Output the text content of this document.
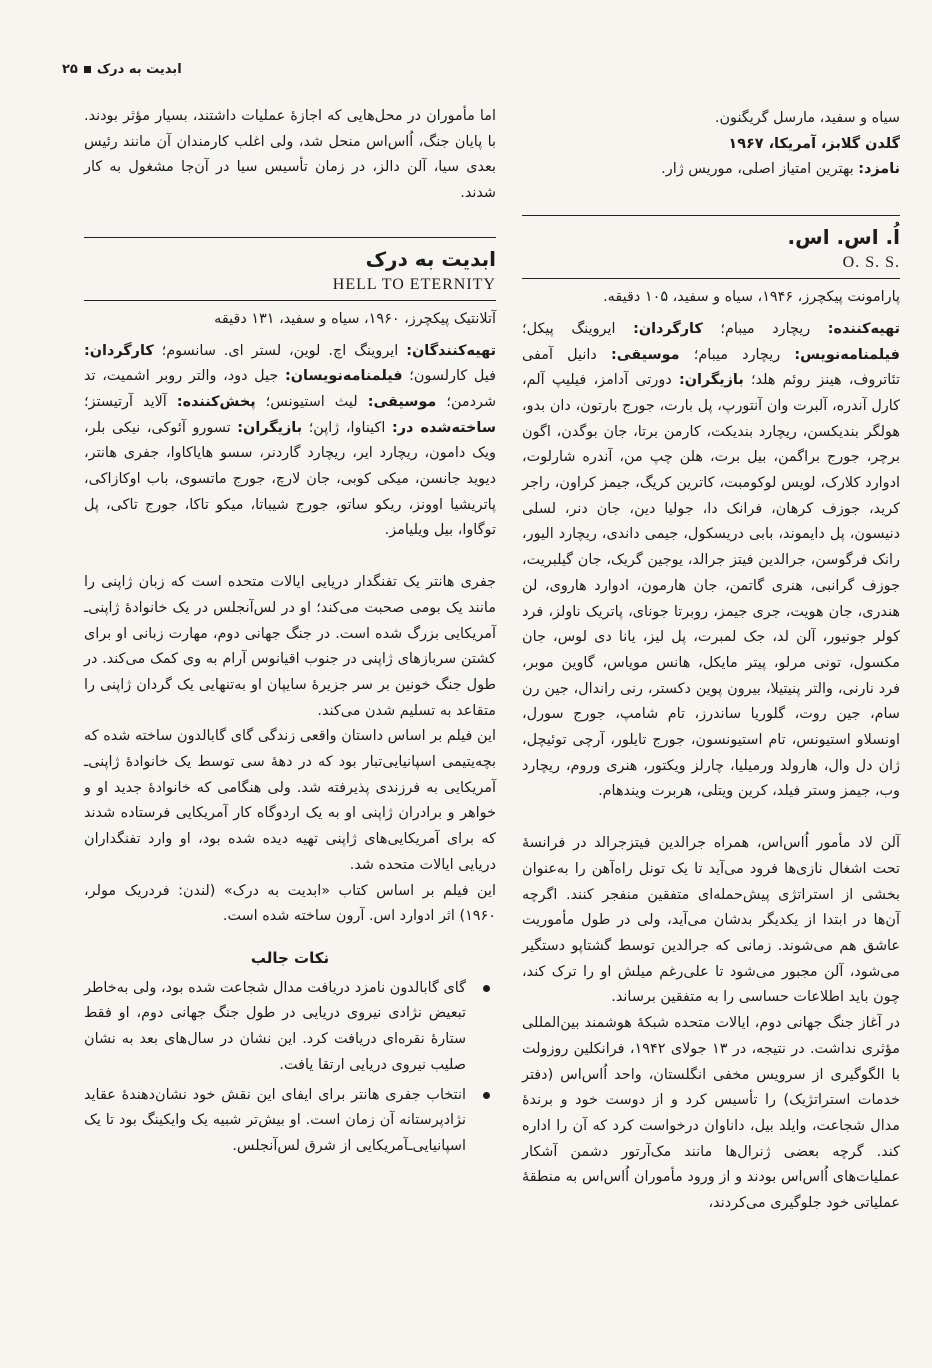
ابدیت به درک۲۵

سیاه و سفید، مارسل گریگنون.

گلدن گلابز، آمریکا، ۱۹۶۷

نامزد: بهترین امتیاز اصلی، موریس ژار.

اُ. اس. اس.
O. S. S.

پارامونت پیکچرز، ۱۹۴۶، سیاه و سفید، ۱۰۵ دقیقه.

تهیه‌کننده: ریچارد میبام؛ کارگردان: ایروینگ پیکل؛ فیلمنامه‌نویس: ریچارد میبام؛ موسیقی: دانیل آمفی تئاتروف، هینز روئم هلد؛ بازیگران: دورتی آدامز، فیلیپ آلم، کارل آندره، آلبرت وان آنتورپ، پل بارت، جورج بارتون، دان بدو، هولگر بندیکسن، ریچارد بندیکت، کارمن برتا، جان بوگدن، اگون برچر، جورج براگمن، بیل برت، هلن چپ من، آندره شارلوت، ادوارد کلارک، لویس لوکومبت، کاترین کریگ، جیمز کراون، راجر کرید، جوزف کرهان، فرانک دا، جولیا دین، جان دنر، لسلی دنیسون، پل دایموند، بابی دریسکول، جیمی داندی، ریچارد الیور، رانک فرگوسن، جرالدین فیتز جرالد، یوجین گریک، جان گیلبریت، جوزف گرانبی، هنری گاتمن، جان هارمون، ادوارد هاروی، لن هندری، جان هویت، جری جیمز، روبرتا جونای، پاتریک ناولز، فرد کولر جونیور، آلن لد، جک لمبرت، پل لیز، یانا دی لوس، جان مکسول، تونی مرلو، پیتر مایکل، هانس مویاس، گاوین موبر، فرد نارنی، والتر پنیتیلا، بیرون پوین دکستر، رنی راندال، جین رن سام، جین روت، گلوریا ساندرز، تام شامپ، جورج سورل، اونسلاو استیونس، تام استیونسون، جورج تایلور، آرچی توئیچل، ژان دل وال، هارولد ورمیلیا، چارلز ویکتور، هنری وروم، ریچارد وب، جیمز وستر فیلد، کرین ویتلی، هربرت ویندهام.

آلن لاد مأمور اُاس‌اس، همراه جرالدین فیتزجرالد در فرانسهٔ تحت اشغال نازی‌ها فرود می‌آید تا یک تونل راه‌آهن را به‌عنوان بخشی از استراتژی پیش‌حمله‌ای متفقین منفجر کنند. اگرچه آن‌ها در ابتدا از یکدیگر بدشان می‌آید، ولی در طول مأموریت عاشق هم می‌شوند. زمانی که جرالدین توسط گشتاپو دستگیر می‌شود، آلن مجبور می‌شود تا علی‌رغم میلش او را ترک کند، چون باید اطلاعات حساسی را به متفقین برساند.

در آغاز جنگ جهانی دوم، ایالات متحده شبکهٔ هوشمند بین‌المللی مؤثری نداشت. در نتیجه، در ۱۳ جولای ۱۹۴۲، فرانکلین روزولت با الگوگیری از سرویس مخفی انگلستان، واحد اُاس‌اس (دفتر خدمات استراتژیک) را تأسیس کرد و از دوست خود و برندهٔ مدال شجاعت، وایلد بیل، داناوان درخواست کرد که آن را اداره کند. گرچه بعضی ژنرال‌ها مانند مک‌آرتور دشمن آشکار عملیات‌های اُاس‌اس بودند و از ورود مأموران اُاس‌اس به منطقهٔ عملیاتی خود جلوگیری می‌کردند،

اما مأموران در محل‌هایی که اجازهٔ عملیات داشتند، بسیار مؤثر بودند. با پایان جنگ، اُاس‌اس منحل شد، ولی اغلب کارمندان آن مانند رئیس بعدی سیا، آلن دالز، در زمان تأسیس سیا در آن‌جا مشغول به کار شدند.

ابدیت به درک
HELL TO ETERNITY

آتلانتیک پیکچرز، ۱۹۶۰، سیاه و سفید، ۱۳۱ دقیقه

تهیه‌کنندگان: ایروینگ اچ. لوین، لستر ای. سانسوم؛ کارگردان: فیل کارلسون؛ فیلمنامه‌نویسان: جیل دود، والتر روبر اشمیت، تد شردمن؛ موسیقی: لیث استیونس؛ پخش‌کننده: آلاید آرتیستز؛ ساخته‌شده در: اکیناوا، ژاپن؛ بازیگران: تسورو آئوکی، نیکی بلر، ویک دامون، ریچارد ایر، ریچارد گاردنر، سسو هایاکاوا، جفری هانتر، دیوید جانسن، میکی کوبی، جان لارچ، جورج ماتسوی، باب اوکازاکی، پاتریشیا اوونز، ریکو ساتو، جورج شیباتا، میکو تاکا، جورج تاکی، پل توگاوا، بیل ویلیامز.

جفری هانتر یک تفنگدار دریایی ایالات متحده است که زبان ژاپنی را مانند یک بومی صحبت می‌کند؛ او در لس‌آنجلس در یک خانوادهٔ ژاپنی‌ـ آمریکایی بزرگ شده است. در جنگ جهانی دوم، مهارت زبانی او برای کشتن سربازهای ژاپنی در جنوب اقیانوس آرام به وی کمک می‌کند. در طول جنگ خونین بر سر جزیرهٔ سایپان او به‌تنهایی یک گردان ژاپنی را متقاعد به تسلیم شدن می‌کند.

این فیلم بر اساس داستان واقعی زندگی گای گابالدون ساخته شده که بچه‌یتیمی اسپانیایی‌تبار بود که در دههٔ سی توسط یک خانوادهٔ ژاپنی‌ـ آمریکایی به فرزندی پذیرفته شد. ولی هنگامی که خانوادهٔ جدید او و خواهر و برادران ژاپنی او به یک اردوگاه کار آمریکایی فرستاده شدند که برای آمریکایی‌های ژاپنی تهیه دیده شده بود، او وارد تفنگداران دریایی ایالات متحده شد.

این فیلم بر اساس کتاب «ابدیت به درک» (لندن: فردریک مولر، ۱۹۶۰) اثر ادوارد اس. آرون ساخته شده است.

نکات جالب
گای گابالدون نامزد دریافت مدال شجاعت شده بود، ولی به‌خاطر تبعیض نژادی نیروی دریایی در طول جنگ جهانی دوم، او فقط ستارهٔ نقره‌ای دریافت کرد. این نشان در سال‌های بعد به نشان صلیب نیروی دریایی ارتقا یافت.
انتخاب جفری هانتر برای ایفای این نقش خود نشان‌دهندهٔ عقاید نژادپرستانه آن زمان است. او بیش‌تر شبیه یک وایکینگ بود تا یک اسپانیایی‌ـآمریکایی از شرق لس‌آنجلس.
